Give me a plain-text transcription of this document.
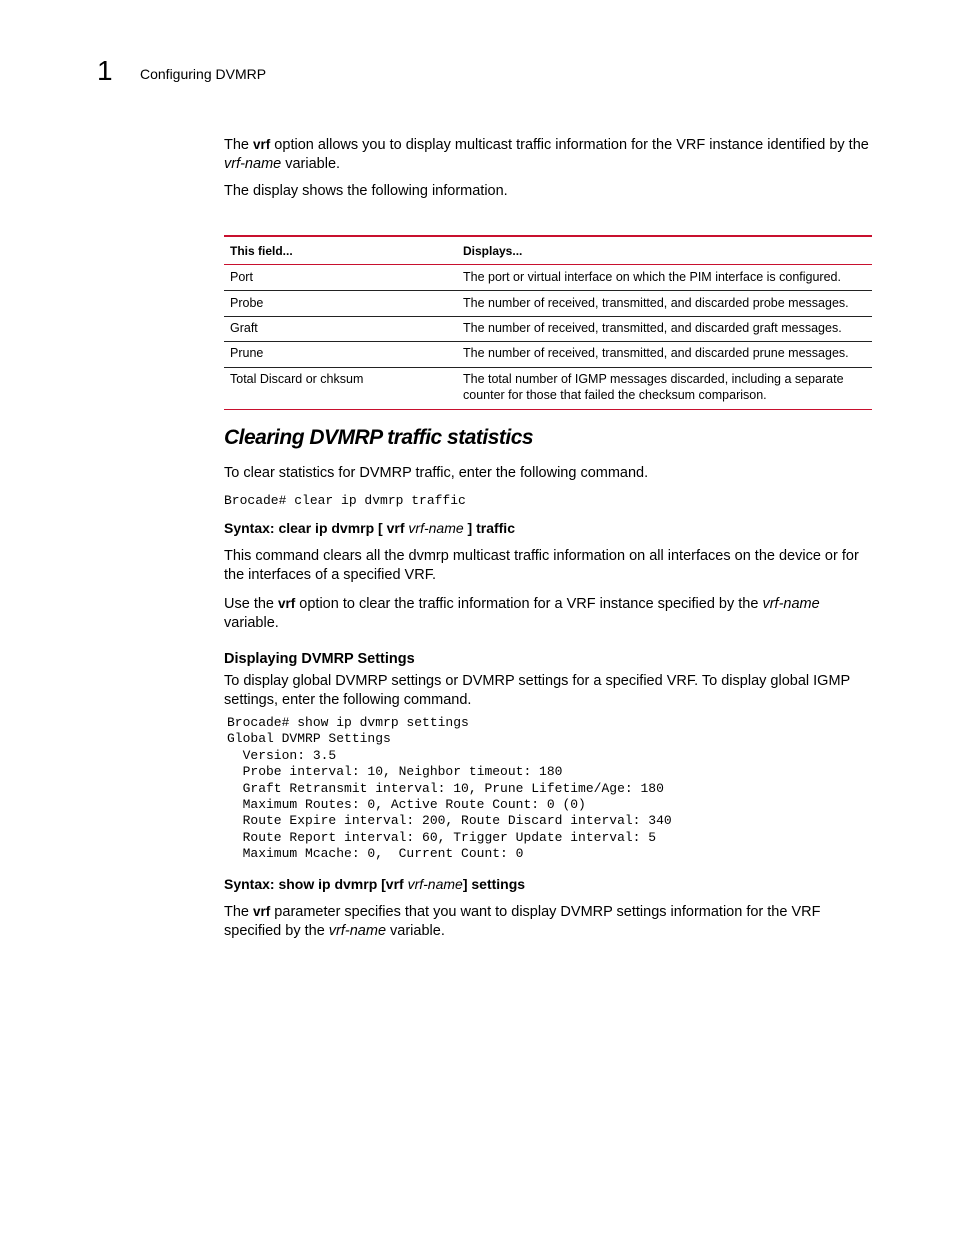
1 Configuring DVMRP
The vrf option allows you to display multicast traffic information for the VRF instance identified by the vrf-name variable.
The display shows the following information.
This field...	Displays...
Port	The port or virtual interface on which the PIM interface is configured.
Probe	The number of received, transmitted, and discarded probe messages.
Graft	The number of received, transmitted, and discarded graft messages.
Prune	The number of received, transmitted, and discarded prune messages.
Total Discard or chksum	The total number of IGMP messages discarded, including a separate counter for those that failed the checksum comparison.
Clearing DVMRP traffic statistics
To clear statistics for DVMRP traffic, enter the following command.
Brocade# clear ip dvmrp traffic
Syntax: clear ip dvmrp [ vrf vrf-name ] traffic
This command clears all the dvmrp multicast traffic information on all interfaces on the device or for the interfaces of a specified VRF.
Use the vrf option to clear the traffic information for a VRF instance specified by the vrf-name variable.
Displaying DVMRP Settings
To display global DVMRP settings or DVMRP settings for a specified VRF. To display global IGMP settings, enter the following command.
Brocade# show ip dvmrp settings
Global DVMRP Settings
Version: 3.5
Probe interval: 10, Neighbor timeout: 180
Graft Retransmit interval: 10, Prune Lifetime/Age: 180
Maximum Routes: 0, Active Route Count: 0 (0)
Route Expire interval: 200, Route Discard interval: 340
Route Report interval: 60, Trigger Update interval: 5
Maximum Mcache: 0,  Current Count: 0
Syntax: show ip dvmrp [vrf vrf-name] settings
The vrf parameter specifies that you want to display DVMRP settings information for the VRF specified by the vrf-name variable.
